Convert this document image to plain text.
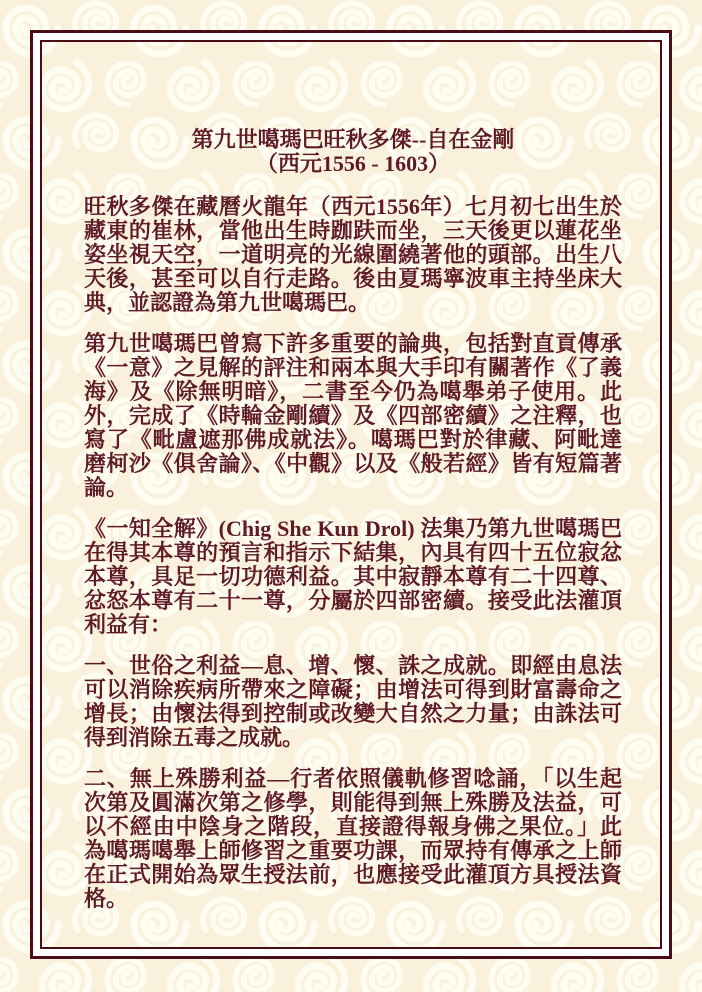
第九世噶瑪巴旺秋多傑--自在金剛
（西元1556 - 1603）

旺秋多傑在藏曆火龍年（西元1556年）七月初七出生於藏東的崔林，當他出生時跏趺而坐，三天後更以蓮花坐姿坐視天空，一道明亮的光線圍繞著他的頭部。出生八天後，甚至可以自行走路。後由夏瑪寧波車主持坐床大典，並認證為第九世噶瑪巴。

第九世噶瑪巴曾寫下許多重要的論典，包括對直貢傳承《一意》之見解的評注和兩本與大手印有關著作《了義海》及《除無明暗》，二書至今仍為噶舉弟子使用。此外，完成了《時輪金剛續》及《四部密續》之注釋，也寫了《毗盧遮那佛成就法》。噶瑪巴對於律藏、阿毗達磨柯沙《俱舍論》、《中觀》以及《般若經》皆有短篇著論。

《一知全解》(Chig She Kun Drol) 法集乃第九世噶瑪巴在得其本尊的預言和指示下結集，內具有四十五位寂忿本尊，具足一切功德利益。其中寂靜本尊有二十四尊、忿怒本尊有二十一尊，分屬於四部密續。接受此法灌頂利益有：

一、世俗之利益—息、增、懷、誅之成就。即經由息法可以消除疾病所帶來之障礙；由增法可得到財富壽命之增長；由懷法得到控制或改變大自然之力量；由誅法可得到消除五毒之成就。

二、無上殊勝利益—行者依照儀軌修習唸誦，「以生起次第及圓滿次第之修學，則能得到無上殊勝及法益，可以不經由中陰身之階段，直接證得報身佛之果位。」此為噶瑪噶舉上師修習之重要功課，而眾持有傳承之上師在正式開始為眾生授法前，也應接受此灌頂方具授法資格。
